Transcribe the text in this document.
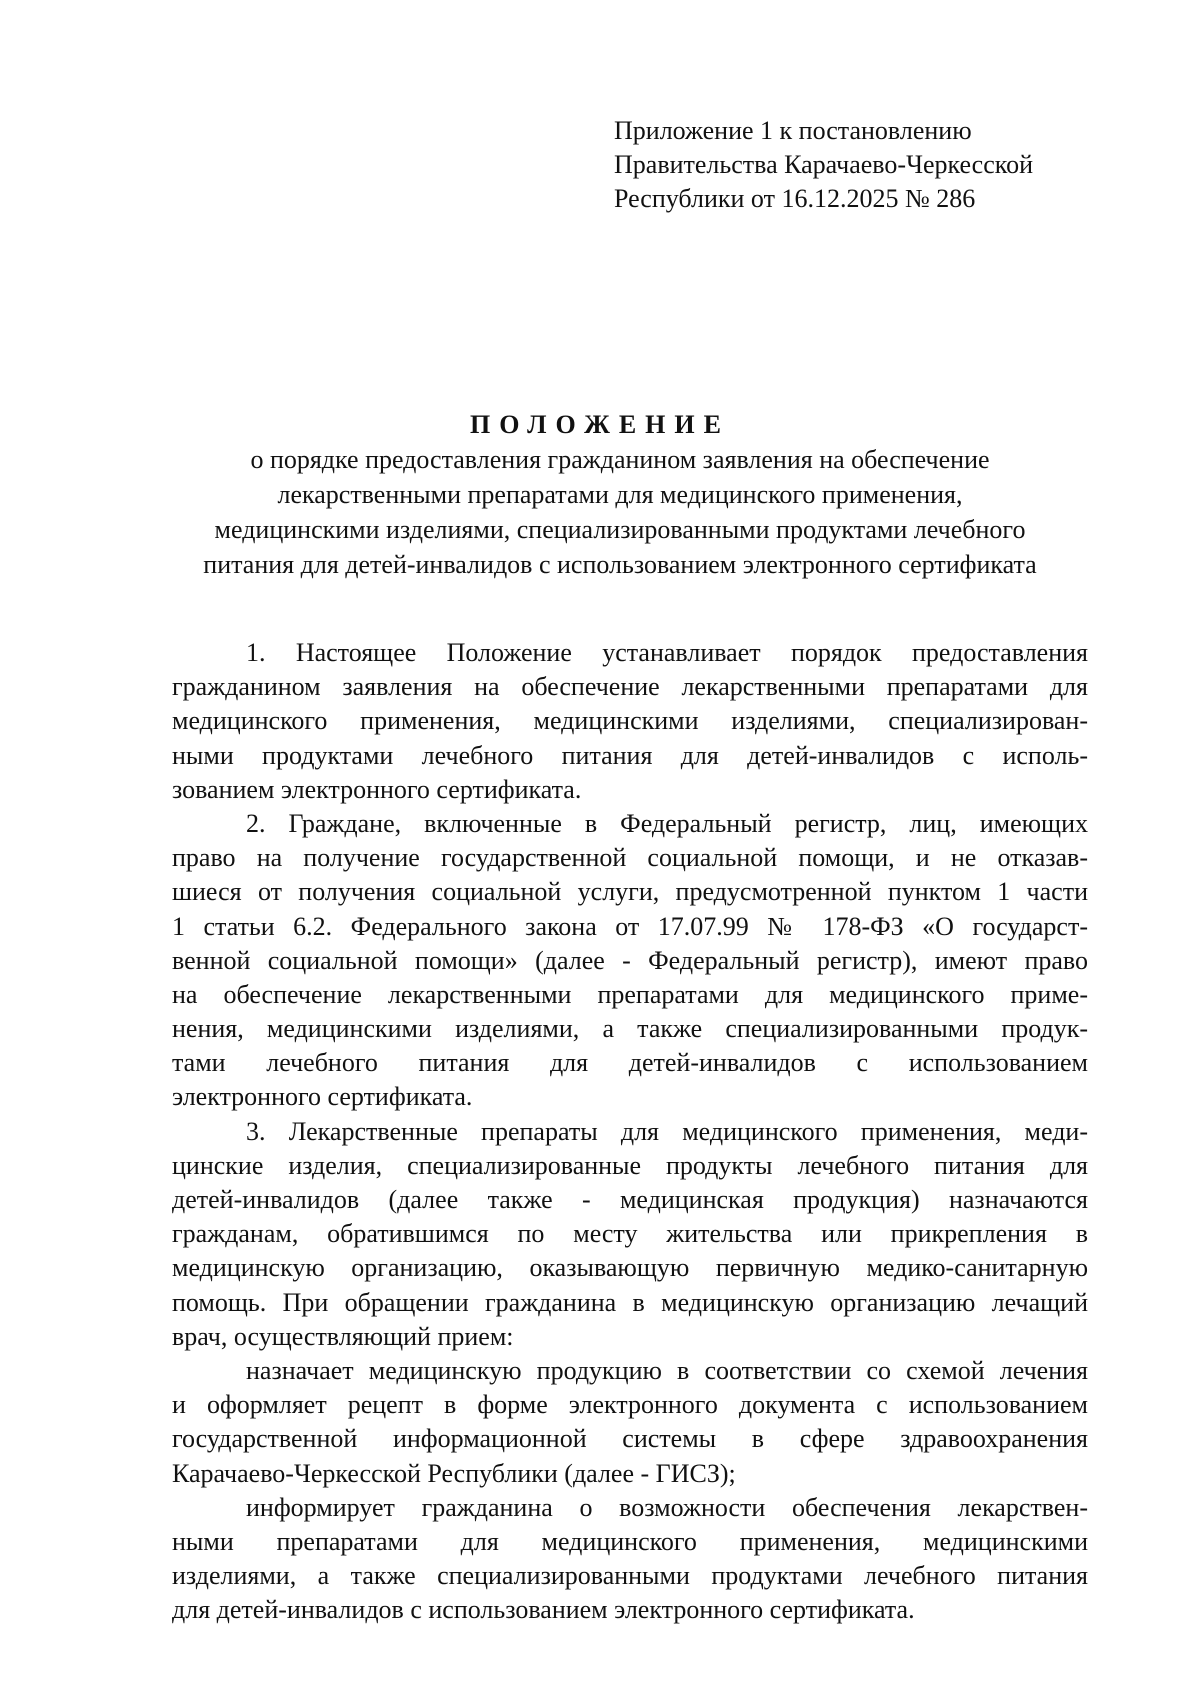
Приложение 1 к постановлению
Правительства Карачаево-Черкесской
Республики от 16.12.2025 № 286
ПОЛОЖЕНИЕ
о порядке предоставления гражданином заявления на обеспечение
лекарственными препаратами для медицинского применения,
медицинскими изделиями, специализированными продуктами лечебного
питания для детей-инвалидов с использованием электронного сертификата
1. Настоящее Положение устанавливает порядок предоставления
гражданином заявления на обеспечение лекарственными препаратами для
медицинского применения, медицинскими изделиями, специализирован-
ными продуктами лечебного питания для детей-инвалидов с исполь-
зованием электронного сертификата.
2. Граждане, включенные в Федеральный регистр, лиц, имеющих
право на получение государственной социальной помощи, и не отказав-
шиеся от получения социальной услуги, предусмотренной пунктом 1 части
1 статьи 6.2. Федерального закона от 17.07.99 № 178-ФЗ «О государст-
венной социальной помощи» (далее - Федеральный регистр), имеют право
на обеспечение лекарственными препаратами для медицинского приме-
нения, медицинскими изделиями, а также специализированными продук-
тами лечебного питания для детей-инвалидов с использованием
электронного сертификата.
3. Лекарственные препараты для медицинского применения, меди-
цинские изделия, специализированные продукты лечебного питания для
детей-инвалидов (далее также - медицинская продукция) назначаются
гражданам, обратившимся по месту жительства или прикрепления в
медицинскую организацию, оказывающую первичную медико-санитарную
помощь. При обращении гражданина в медицинскую организацию лечащий
врач, осуществляющий прием:
назначает медицинскую продукцию в соответствии со схемой лечения
и оформляет рецепт в форме электронного документа с использованием
государственной информационной системы в сфере здравоохранения
Карачаево-Черкесской Республики (далее - ГИСЗ);
информирует гражданина о возможности обеспечения лекарствен-
ными препаратами для медицинского применения, медицинскими
изделиями, а также специализированными продуктами лечебного питания
для детей-инвалидов с использованием электронного сертификата.
